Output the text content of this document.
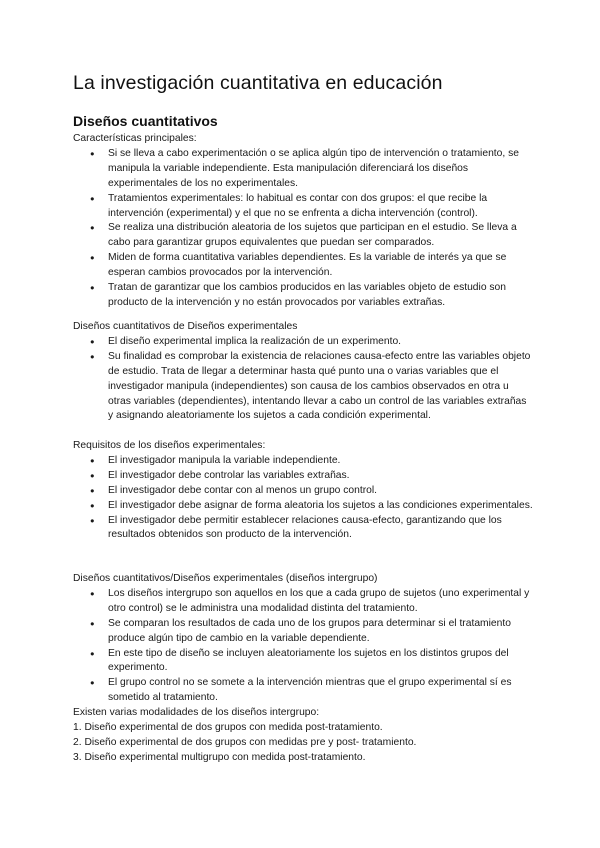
La investigación cuantitativa en educación
Diseños cuantitativos

Características principales:

● Si se lleva a cabo experimentación o se aplica algún tipo de intervención o tratamiento, se manipula la variable independiente. Esta manipulación diferenciará los diseños experimentales de los no experimentales.
● Tratamientos experimentales: lo habitual es contar con dos grupos: el que recibe la intervención (experimental) y el que no se enfrenta a dicha intervención (control).
● Se realiza una distribución aleatoria de los sujetos que participan en el estudio. Se lleva a cabo para garantizar grupos equivalentes que puedan ser comparados.
● Miden de forma cuantitativa variables dependientes. Es la variable de interés ya que se esperan cambios provocados por la intervención.
● Tratan de garantizar que los cambios producidos en las variables objeto de estudio son producto de la intervención y no están provocados por variables extrañas.

Diseños cuantitativos de Diseños experimentales

● El diseño experimental implica la realización de un experimento.
● Su finalidad es comprobar la existencia de relaciones causa-efecto entre las variables objeto de estudio. Trata de llegar a determinar hasta qué punto una o varias variables que el investigador manipula (independientes) son causa de los cambios observados en otra u otras variables (dependientes), intentando llevar a cabo un control de las variables extrañas y asignando aleatoriamente los sujetos a cada condición experimental.

Requisitos de los diseños experimentales:

● El investigador manipula la variable independiente.
● El investigador debe controlar las variables extrañas.
● El investigador debe contar con al menos un grupo control.
● El investigador debe asignar de forma aleatoria los sujetos a las condiciones experimentales.
● El investigador debe permitir establecer relaciones causa-efecto, garantizando que los resultados obtenidos son producto de la intervención.

Diseños cuantitativos/Diseños experimentales (diseños intergrupo)

● Los diseños intergrupo son aquellos en los que a cada grupo de sujetos (uno experimental y otro control) se le administra una modalidad distinta del tratamiento.
● Se comparan los resultados de cada uno de los grupos para determinar si el tratamiento produce algún tipo de cambio en la variable dependiente.
● En este tipo de diseño se incluyen aleatoriamente los sujetos en los distintos grupos del experimento.
● El grupo control no se somete a la intervención mientras que el grupo experimental sí es sometido al tratamiento.

Existen varias modalidades de los diseños intergrupo:

1. Diseño experimental de dos grupos con medida post-tratamiento.
2. Diseño experimental de dos grupos con medidas pre y post- tratamiento.
3. Diseño experimental multigrupo con medida post-tratamiento.
